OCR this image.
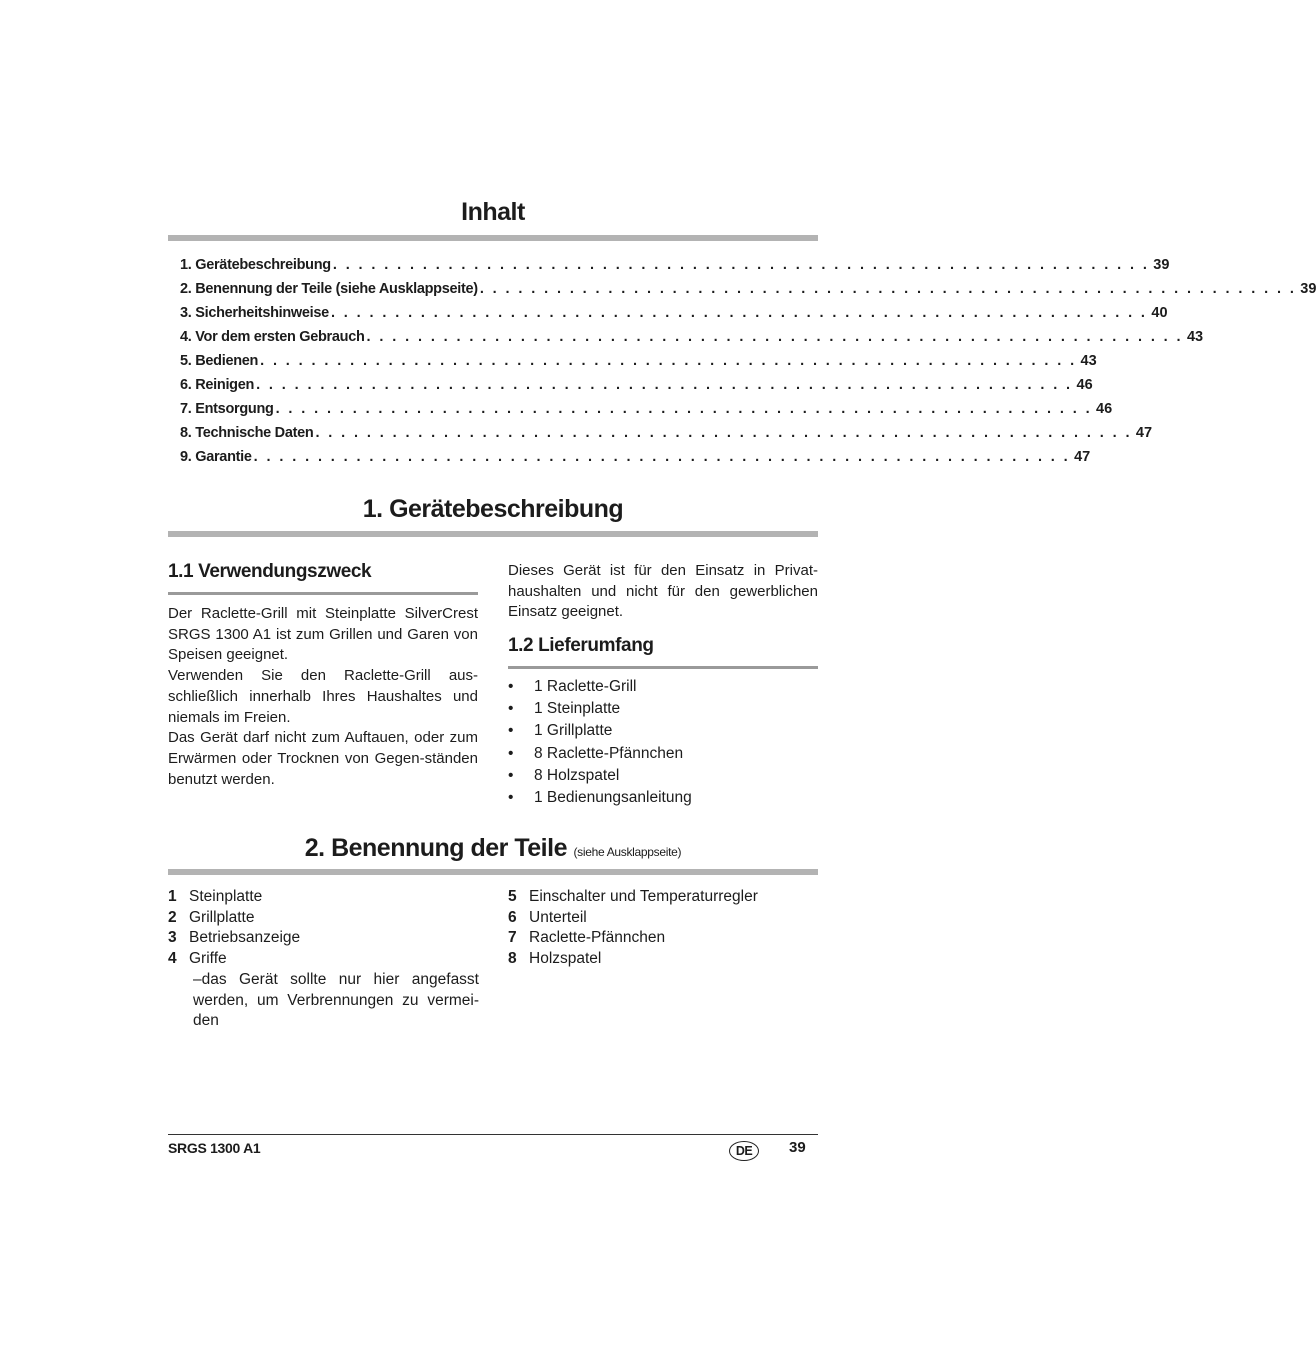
Inhalt
1. Gerätebeschreibung . . . . . . . . . . . . . . . . . . . . . . . . . . . . . . . . . . . . . . . . . . . . . . . . . . . . . . . . . . . . . . . . 39
2. Benennung der Teile (siehe Ausklappseite) . . . . . . . . . . . . . . . . . . . . . . . . . . . . . . . . . . . . . . . . . . . . . . . . . . . . . . . . . . . . . . . . 39
3. Sicherheitshinweise . . . . . . . . . . . . . . . . . . . . . . . . . . . . . . . . . . . . . . . . . . . . . . . . . . . . . . . . . . . . . . . . 40
4. Vor dem ersten Gebrauch . . . . . . . . . . . . . . . . . . . . . . . . . . . . . . . . . . . . . . . . . . . . . . . . . . . . . . . . . . . . . . . . 43
5. Bedienen . . . . . . . . . . . . . . . . . . . . . . . . . . . . . . . . . . . . . . . . . . . . . . . . . . . . . . . . . . . . . . . . 43
6. Reinigen . . . . . . . . . . . . . . . . . . . . . . . . . . . . . . . . . . . . . . . . . . . . . . . . . . . . . . . . . . . . . . . . 46
7. Entsorgung . . . . . . . . . . . . . . . . . . . . . . . . . . . . . . . . . . . . . . . . . . . . . . . . . . . . . . . . . . . . . . . . 46
8. Technische Daten . . . . . . . . . . . . . . . . . . . . . . . . . . . . . . . . . . . . . . . . . . . . . . . . . . . . . . . . . . . . . . . . 47
9. Garantie . . . . . . . . . . . . . . . . . . . . . . . . . . . . . . . . . . . . . . . . . . . . . . . . . . . . . . . . . . . . . . . . 47
1. Gerätebeschreibung
1.1 Verwendungszweck

Der Raclette-Grill mit Steinplatte SilverCrest SRGS 1300 A1 ist zum Grillen und Garen von Speisen geeignet.

Verwenden Sie den Raclette-Grill aus-schließlich innerhalb Ihres Haushaltes und niemals im Freien.

Das Gerät darf nicht zum Auftauen, oder zum Erwärmen oder Trocknen von Gegen-ständen benutzt werden.

Dieses Gerät ist für den Einsatz in Privat-haushalten und nicht für den gewerblichen Einsatz geeignet.

1.2 Lieferumfang
•	1 Raclette-Grill
•	1 Steinplatte
•	1 Grillplatte
•	8 Raclette-Pfännchen
•	8 Holzspatel
•	1 Bedienungsanleitung
2. Benennung der Teile (siehe Ausklappseite)
1 Steinplatte
2 Grillplatte
3 Betriebsanzeige
4 Griffe
–das Gerät sollte nur hier angefasst werden, um Verbrennungen zu vermei-den
5 Einschalter und Temperaturregler
6 Unterteil
7 Raclette-Pfännchen
8 Holzspatel
SRGS 1300 A1	DE	39
